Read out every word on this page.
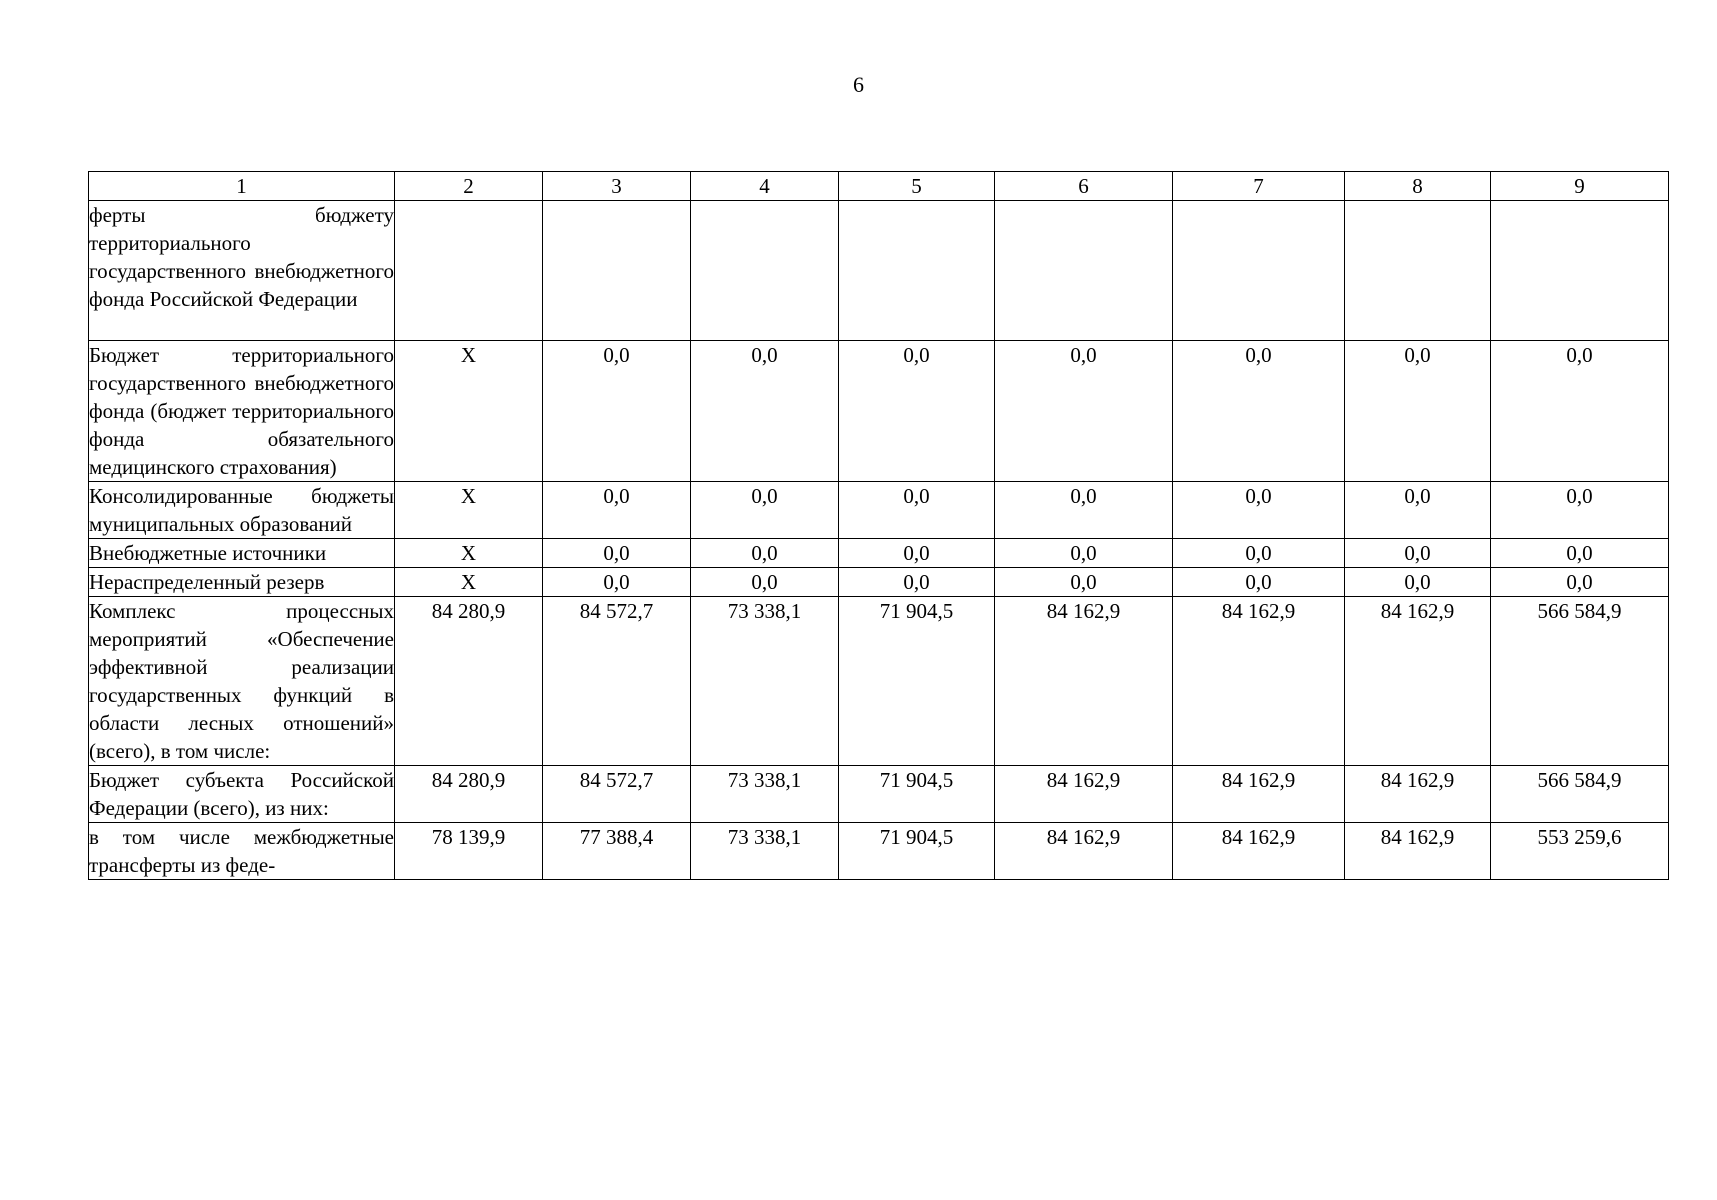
6
1	2	3	4	5	6	7	8	9
ферты бюджету территориального государственного внебюджетного фонда Российской Федерации								
Бюджет территориального государственного внебюджетного фонда (бюджет территориального фонда обязательного медицинского страхования)	X	0,0	0,0	0,0	0,0	0,0	0,0	0,0
Консолидированные бюджеты муниципальных образований	X	0,0	0,0	0,0	0,0	0,0	0,0	0,0
Внебюджетные источники	X	0,0	0,0	0,0	0,0	0,0	0,0	0,0
Нераспределенный резерв	X	0,0	0,0	0,0	0,0	0,0	0,0	0,0
Комплекс процессных мероприятий «Обеспечение эффективной реализации государственных функций в области лесных отношений» (всего), в том числе:	84 280,9	84 572,7	73 338,1	71 904,5	84 162,9	84 162,9	84 162,9	566 584,9
Бюджет субъекта Российской Федерации (всего), из них:	84 280,9	84 572,7	73 338,1	71 904,5	84 162,9	84 162,9	84 162,9	566 584,9
в том числе межбюджетные трансферты из феде-	78 139,9	77 388,4	73 338,1	71 904,5	84 162,9	84 162,9	84 162,9	553 259,6
